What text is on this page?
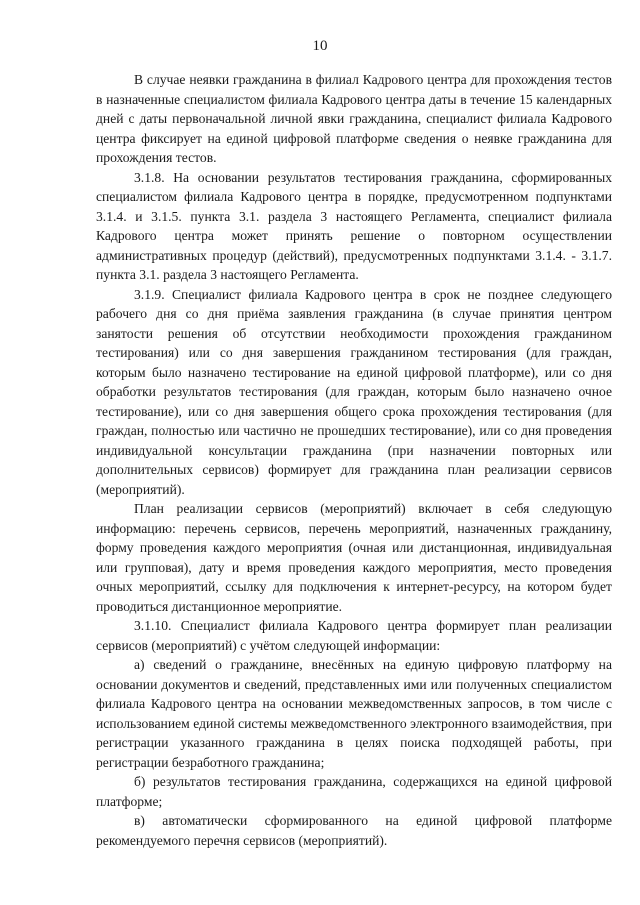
10

В случае неявки гражданина в филиал Кадрового центра для прохождения тестов в назначенные специалистом филиала Кадрового центра даты в течение 15 календарных дней с даты первоначальной личной явки гражданина, специалист филиала Кадрового центра фиксирует на единой цифровой платформе сведения о неявке гражданина для прохождения тестов.

3.1.8. На основании результатов тестирования гражданина, сформированных специалистом филиала Кадрового центра в порядке, предусмотренном подпунктами 3.1.4. и 3.1.5. пункта 3.1. раздела 3 настоящего Регламента, специалист филиала Кадрового центра может принять решение о повторном осуществлении административных процедур (действий), предусмотренных подпунктами 3.1.4. - 3.1.7. пункта 3.1. раздела 3 настоящего Регламента.

3.1.9. Специалист филиала Кадрового центра в срок не позднее следующего рабочего дня со дня приёма заявления гражданина (в случае принятия центром занятости решения об отсутствии необходимости прохождения гражданином тестирования) или со дня завершения гражданином тестирования (для граждан, которым было назначено тестирование на единой цифровой платформе), или со дня обработки результатов тестирования (для граждан, которым было назначено очное тестирование), или со дня завершения общего срока прохождения тестирования (для граждан, полностью или частично не прошедших тестирование), или со дня проведения индивидуальной консультации гражданина (при назначении повторных или дополнительных сервисов) формирует для гражданина план реализации сервисов (мероприятий).

План реализации сервисов (мероприятий) включает в себя следующую информацию: перечень сервисов, перечень мероприятий, назначенных гражданину, форму проведения каждого мероприятия (очная или дистанционная, индивидуальная или групповая), дату и время проведения каждого мероприятия, место проведения очных мероприятий, ссылку для подключения к интернет-ресурсу, на котором будет проводиться дистанционное мероприятие.

3.1.10. Специалист филиала Кадрового центра формирует план реализации сервисов (мероприятий) с учётом следующей информации:

а) сведений о гражданине, внесённых на единую цифровую платформу на основании документов и сведений, представленных ими или полученных специалистом филиала Кадрового центра на основании межведомственных запросов, в том числе с использованием единой системы межведомственного электронного взаимодействия, при регистрации указанного гражданина в целях поиска подходящей работы, при регистрации безработного гражданина;

б) результатов тестирования гражданина, содержащихся на единой цифровой платформе;

в) автоматически сформированного на единой цифровой платформе рекомендуемого перечня сервисов (мероприятий).
